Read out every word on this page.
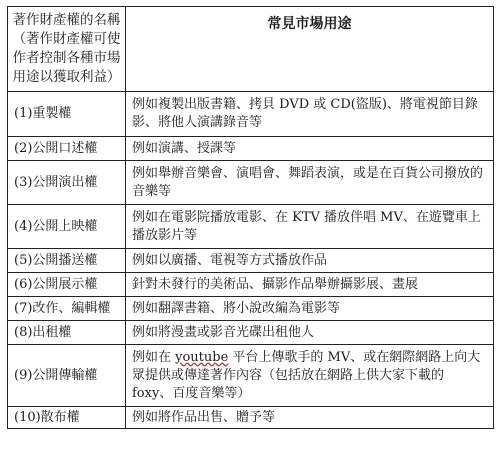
著作財產權的名稱（著作財產權可使作者控制各種市場用途以獲取利益）	常見市場用途
(1)重製權	例如複製出版書籍、拷貝 DVD 或 CD(盜版)、將電視節目錄影、將他人演講錄音等
(2)公開口述權	例如演講、授課等
(3)公開演出權	例如舉辦音樂會、演唱會、舞蹈表演，或是在百貨公司撥放的音樂等
(4)公開上映權	例如在電影院播放電影、在 KTV 播放伴唱 MV、在遊覽車上播放影片等
(5)公開播送權	例如以廣播、電視等方式播放作品
(6)公開展示權	針對未發行的美術品、攝影作品舉辦攝影展、畫展
(7)改作、編輯權	例如翻譯書籍、將小說改編為電影等
(8)出租權	例如將漫畫或影音光碟出租他人
(9)公開傳輸權	例如在 youtube 平台上傳歌手的 MV、或在網際網路上向大眾提供或傳達著作內容（包括放在網路上供大家下載的 foxy、百度音樂等）
(10)散布權	例如將作品出售、贈予等
